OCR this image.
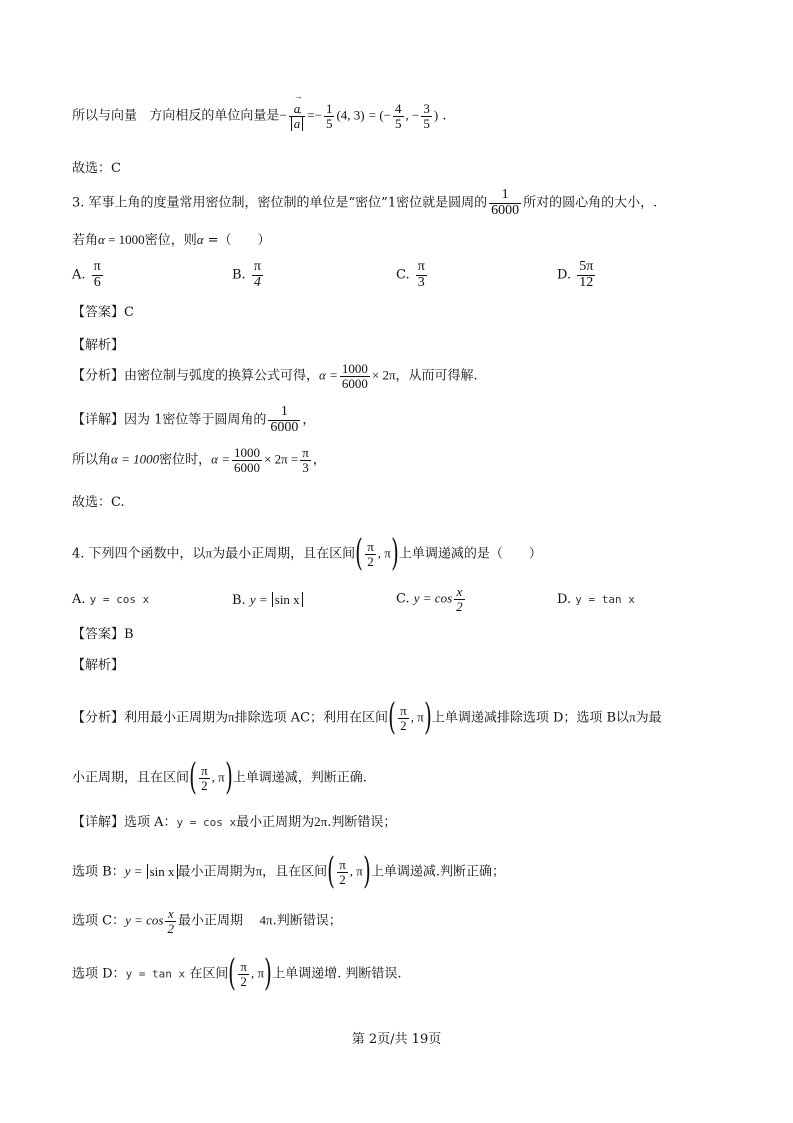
所以与向量 方向相反的单位向量是−
→ a
→ $a =- \frac{1}{5} (4$, 3) = (− $\frac{4}{5}$ , − $\frac{3}{5}$ ) .
故选：C
3. 军事上角的度量常用密位制，密位制的单位是“密位”1密位就是圆周的 $\frac{1}{6000}$ 所对的圆心角的大小，.
若角α = 1000密位，则α =（　　）
A. $\frac{\pi}{6}$	B. $\frac{\pi}{4}$	C. $\frac{\pi}{3}$	D. $\frac{5\pi}{12}$
【答案】C
【解析】
【分析】由密位制与弧度的换算公式可得，$\alpha = \frac{1000}{6000} \times 2\pi$，从而可得解.
【详解】因为 1密位等于圆周角的 $\frac{1}{6000}$ ，
所以角α = 1000密位时，$\alpha = \frac{1000}{6000} \times 2\pi = \frac{\pi}{3}$ ，
故选：C.
4. 下列四个函数中，以π为最小正周期，且在区间( $\frac{\pi}{2}$ , π)上单调递减的是（　　）
A. y = cos x	B. y = sin x	C. $y = \cos \frac{x}{2}$	D. y = tan x
【答案】B
【解析】
【分析】利用最小正周期为π排除选项 AC；利用在区间( $\frac{\pi}{2}$ , π)上单调递减排除选项 D；选项 B以π为最
小正周期，且在区间( $\frac{\pi}{2}$ , π)上单调递减，判断正确.
【详解】选项 A：y = cos x最小正周期为2π.判断错误；
选项 B：y = sin x 最小正周期为π，且在区间( $\frac{\pi}{2}$ , π)上单调递减.判断正确；
选项 C：$y = \cos \frac{x}{2}$ 最小正周期 4π.判断错误；
选项 D：y = tan x 在区间( $\frac{\pi}{2}$ , π)上单调递增. 判断错误.
第 2页/共 19页
